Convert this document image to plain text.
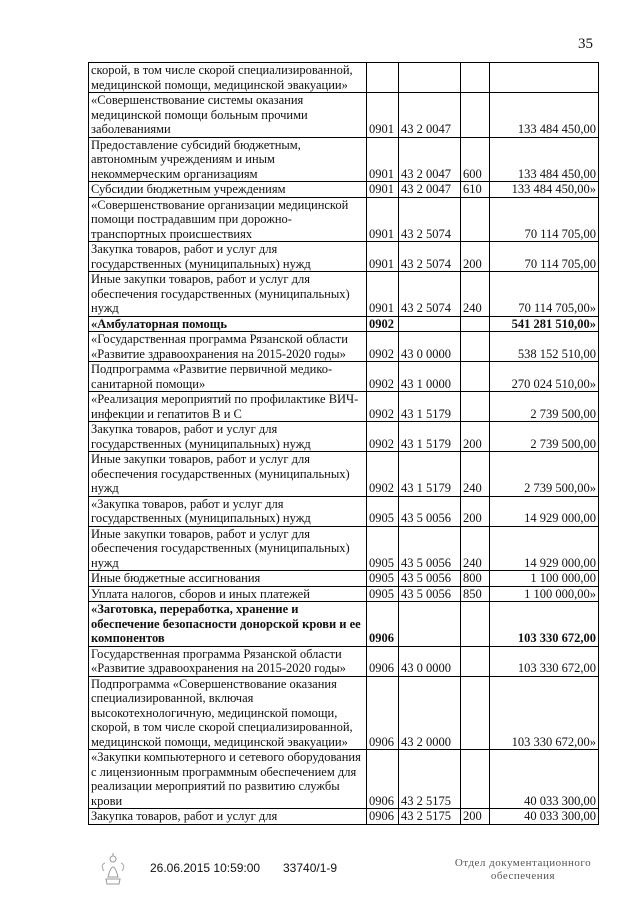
35
скорой, в том числе скорой специализированной, медицинской помощи, медицинской эвакуации»				
«Совершенствование системы оказания медицинской помощи больным прочими заболеваниями	0901	43 2 0047		133 484 450,00
Предоставление субсидий бюджетным, автономным учреждениям и иным некоммерческим организациям	0901	43 2 0047	600	133 484 450,00
Субсидии бюджетным учреждениям	0901	43 2 0047	610	133 484 450,00»
«Совершенствование организации медицинской помощи пострадавшим при дорожно-транспортных происшествиях	0901	43 2 5074		70 114 705,00
Закупка товаров, работ и услуг для государственных (муниципальных) нужд	0901	43 2 5074	200	70 114 705,00
Иные закупки товаров, работ и услуг для обеспечения государственных (муниципальных) нужд	0901	43 2 5074	240	70 114 705,00»
«Амбулаторная помощь	0902			541 281 510,00»
«Государственная программа Рязанской области «Развитие здравоохранения на 2015-2020 годы»	0902	43 0 0000		538 152 510,00
Подпрограмма «Развитие первичной медико-санитарной помощи»	0902	43 1 0000		270 024 510,00»
«Реализация мероприятий по профилактике ВИЧ-инфекции и гепатитов В и С	0902	43 1 5179		2 739 500,00
Закупка товаров, работ и услуг для государственных (муниципальных) нужд	0902	43 1 5179	200	2 739 500,00
Иные закупки товаров, работ и услуг для обеспечения государственных (муниципальных) нужд	0902	43 1 5179	240	2 739 500,00»
«Закупка товаров, работ и услуг для государственных (муниципальных) нужд	0905	43 5 0056	200	14 929 000,00
Иные закупки товаров, работ и услуг для обеспечения государственных (муниципальных) нужд	0905	43 5 0056	240	14 929 000,00
Иные бюджетные ассигнования	0905	43 5 0056	800	1 100 000,00
Уплата налогов, сборов и иных платежей	0905	43 5 0056	850	1 100 000,00»
«Заготовка, переработка, хранение и обеспечение безопасности донорской крови и ее компонентов	0906			103 330 672,00
Государственная программа Рязанской области «Развитие здравоохранения на 2015-2020 годы»	0906	43 0 0000		103 330 672,00
Подпрограмма «Совершенствование оказания специализированной, включая высокотехнологичную, медицинской помощи, скорой, в том числе скорой специализированной, медицинской помощи, медицинской эвакуации»	0906	43 2 0000		103 330 672,00»
«Закупки компьютерного и сетевого оборудования с лицензионным программным обеспечением для реализации мероприятий по развитию службы крови	0906	43 2 5175		40 033 300,00
Закупка товаров, работ и услуг для	0906	43 2 5175	200	40 033 300,00
26.06.2015 10:59:00 33740/1-9	Отдел документационного обеспечения
